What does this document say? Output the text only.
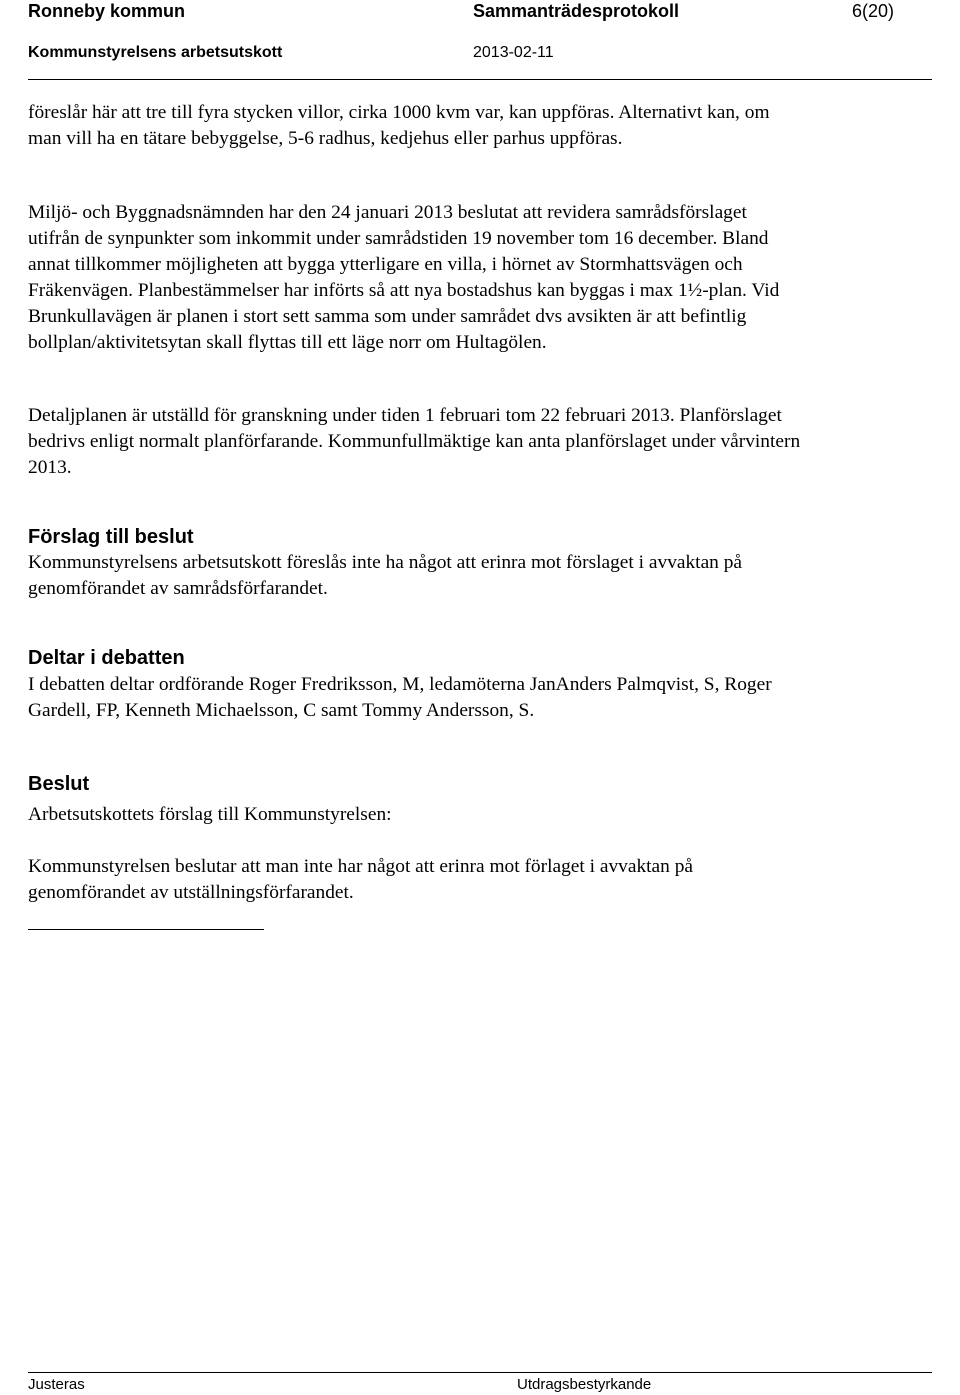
Ronneby kommun	Sammanträdesprotokoll	6(20)
Kommunstyrelsens arbetsutskott	2013-02-11
föreslår här att tre till fyra stycken villor, cirka 1000 kvm var, kan uppföras. Alternativt kan, om
man vill ha en tätare bebyggelse, 5-6 radhus, kedjehus eller parhus uppföras.
Miljö- och Byggnadsnämnden har den 24 januari 2013 beslutat att revidera samrådsförslaget
utifrån de synpunkter som inkommit under samrådstiden 19 november tom 16 december. Bland
annat tillkommer möjligheten att bygga ytterligare en villa, i hörnet av Stormhattsvägen och
Fräkenvägen. Planbestämmelser har införts så att nya bostadshus kan byggas i max 1½-plan. Vid
Brunkullavägen är planen i stort sett samma som under samrådet dvs avsikten är att befintlig
bollplan/aktivitetsytan skall flyttas till ett läge norr om Hultagölen.
Detaljplanen är utställd för granskning under tiden 1 februari tom 22 februari 2013. Planförslaget
bedrivs enligt normalt planförfarande. Kommunfullmäktige kan anta planförslaget under vårvintern
2013.
Förslag till beslut
Kommunstyrelsens arbetsutskott föreslås inte ha något att erinra mot förslaget i avvaktan på
genomförandet av samrådsförfarandet.
Deltar i debatten
I debatten deltar ordförande Roger Fredriksson, M, ledamöterna JanAnders Palmqvist, S, Roger
Gardell, FP, Kenneth Michaelsson, C samt Tommy Andersson, S.
Beslut
Arbetsutskottets förslag till Kommunstyrelsen:
Kommunstyrelsen beslutar att man inte har något att erinra mot förlaget i avvaktan på
genomförandet av utställningsförfarandet.
Justeras	Utdragsbestyrkande
